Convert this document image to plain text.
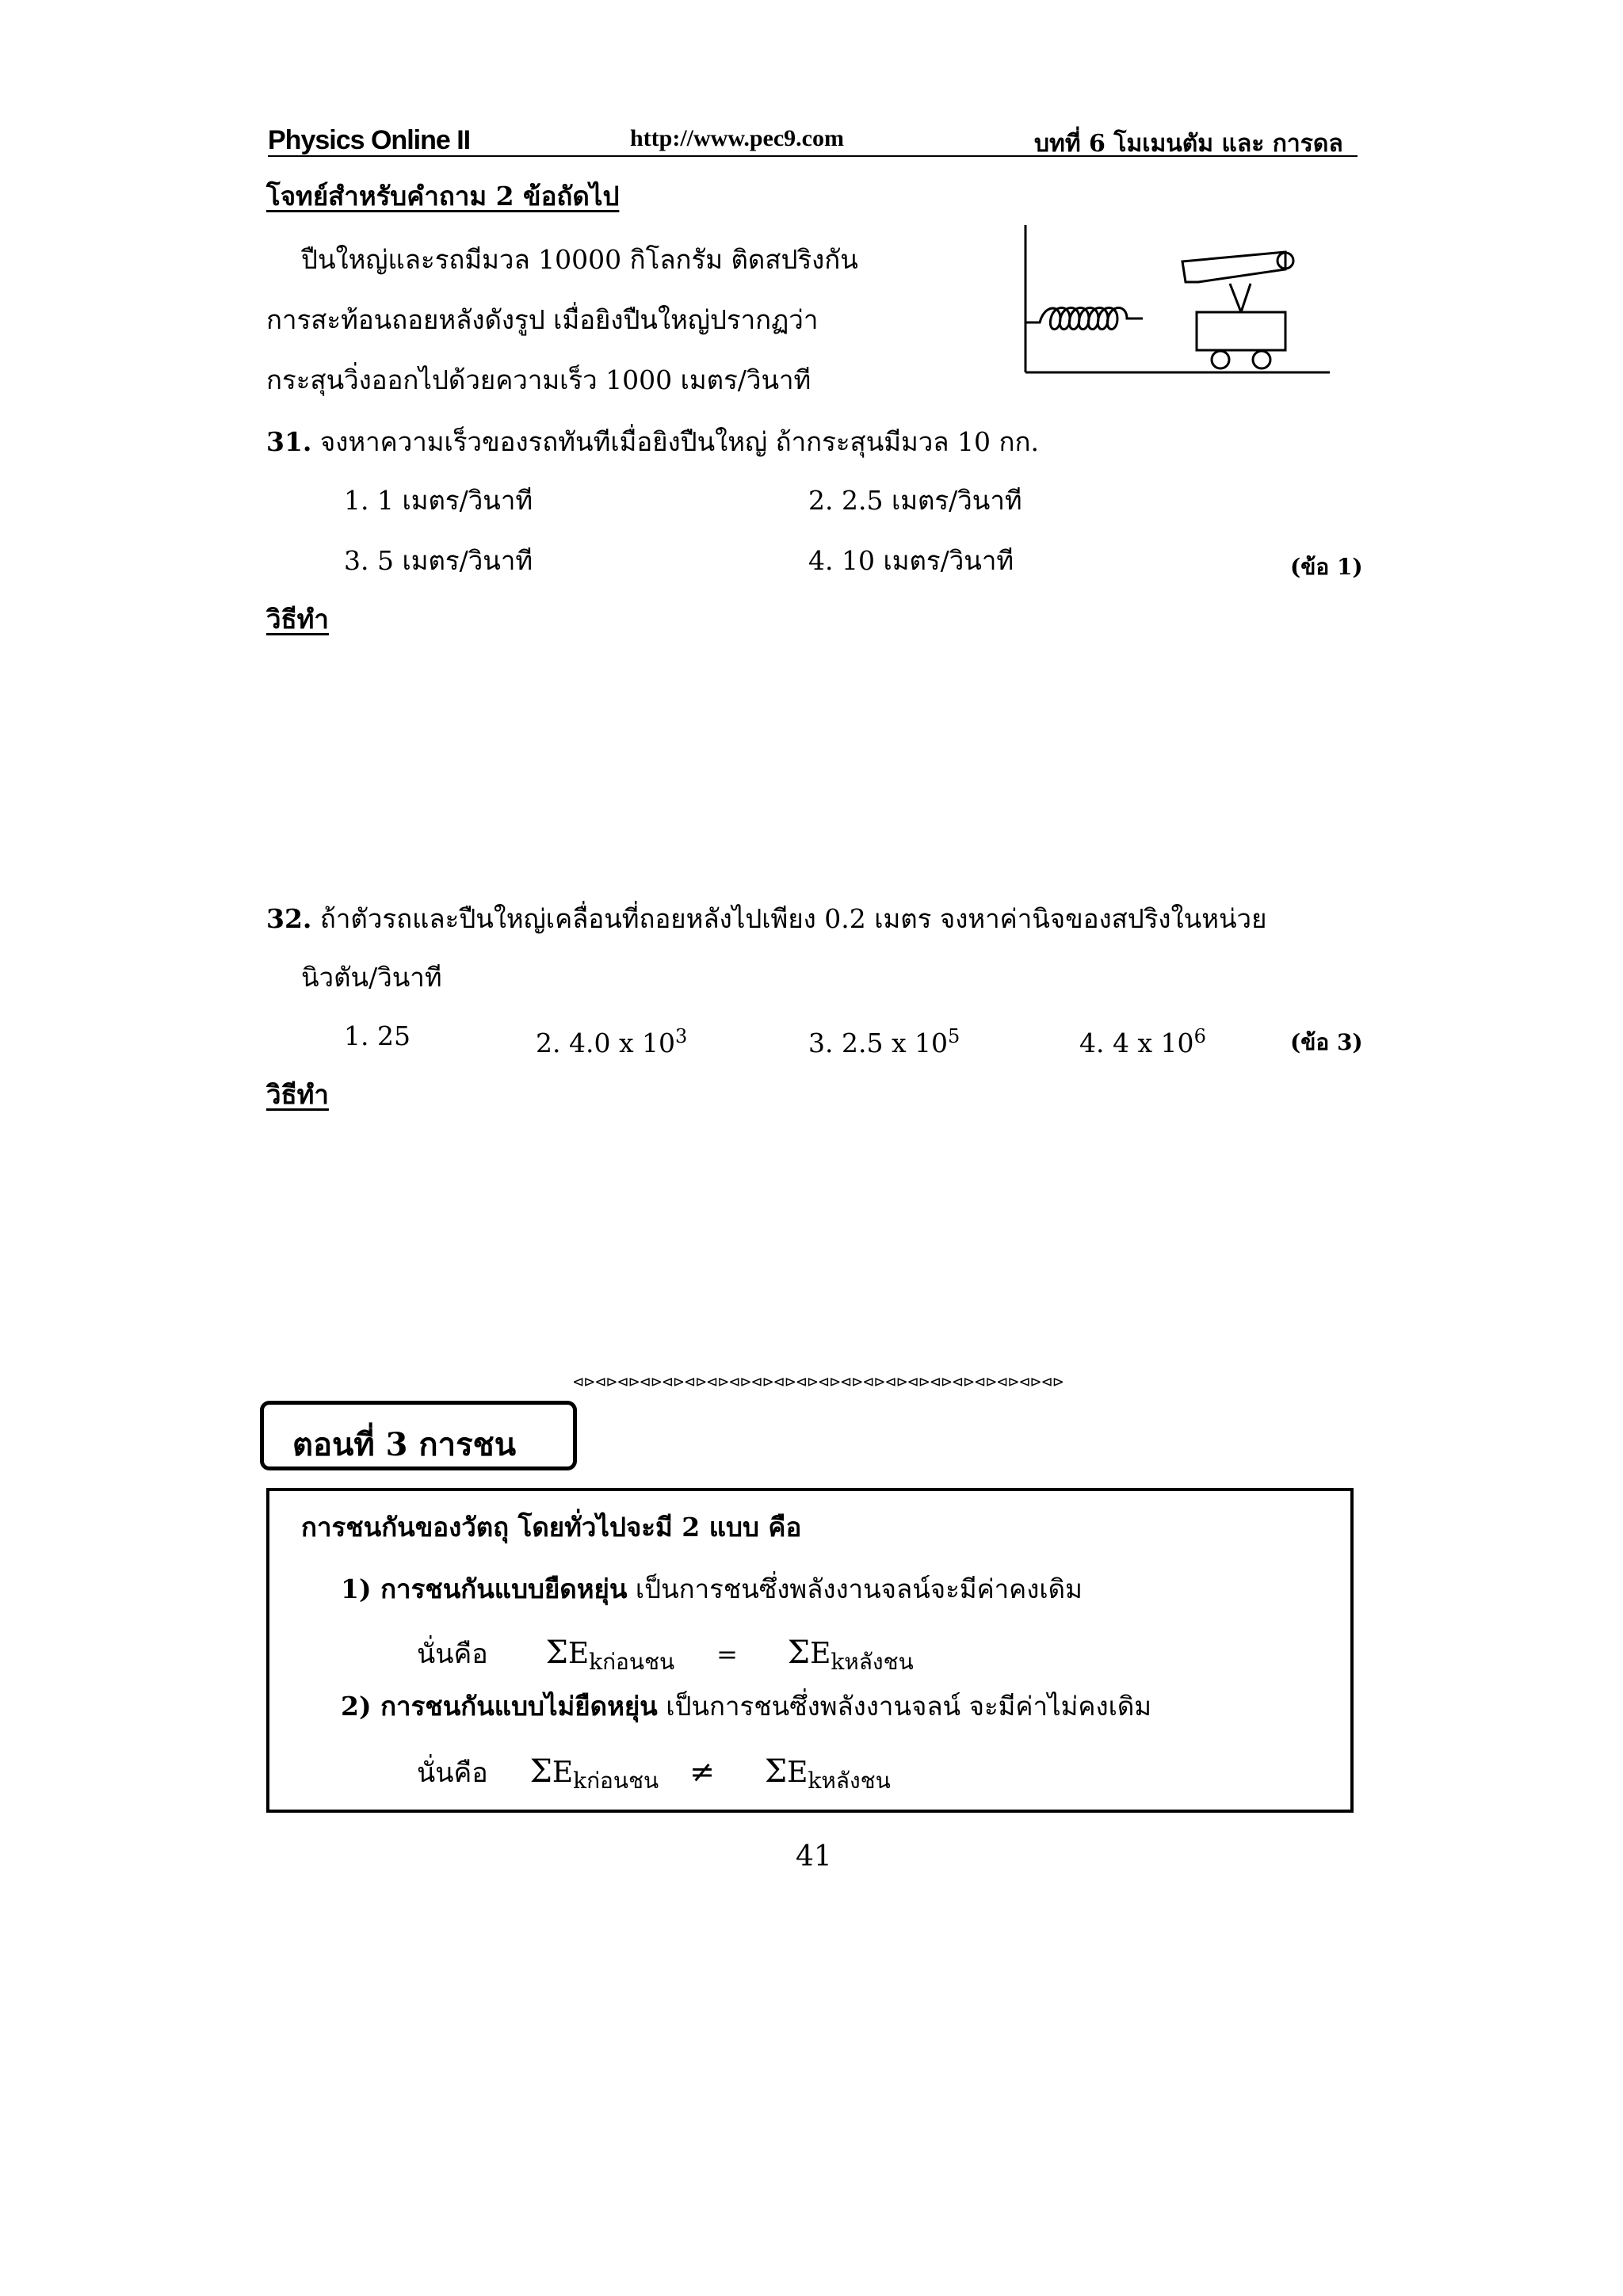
Physics Online II	http://www.pec9.com	บทที่ 6 โมเมนตัม และ การดล
โจทย์สำหรับคำถาม 2 ข้อถัดไป
ปืนใหญ่และรถมีมวล 10000 กิโลกรัม ติดสปริงกัน
การสะท้อนถอยหลังดังรูป เมื่อยิงปืนใหญ่ปรากฏว่า
กระสุนวิ่งออกไปด้วยความเร็ว 1000 เมตร/วินาที
31. จงหาความเร็วของรถทันทีเมื่อยิงปืนใหญ่ ถ้ากระสุนมีมวล 10 กก.
1. 1 เมตร/วินาที	2. 2.5 เมตร/วินาที
3. 5 เมตร/วินาที	4. 10 เมตร/วินาที	(ข้อ 1)
วิธีทำ
32. ถ้าตัวรถและปืนใหญ่เคลื่อนที่ถอยหลังไปเพียง 0.2 เมตร จงหาค่านิจของสปริงในหน่วย
นิวตัน/วินาที
1. 25	2. 4.0 x $10^3$	3. 2.5 x $10^5$	4. 4 x $10^6$	(ข้อ 3)
วิธีทำ
⊲⊳⊲⊳⊲⊳⊲⊳⊲⊳⊲⊳⊲⊳⊲⊳⊲⊳⊲⊳⊲⊳⊲⊳⊲⊳⊲⊳⊲⊳⊲⊳⊲⊳⊲⊳⊲⊳⊲⊳⊲⊳⊲⊳
ตอนที่ 3 การชน
การชนกันของวัตถุ โดยทั่วไปจะมี 2 แบบ คือ
1) การชนกันแบบยืดหยุ่น เป็นการชนซึ่งพลังงานจลน์จะมีค่าคงเดิม
นั่นคือ $\Sigma E_{kก่อนชน} = \Sigma E_{kหลังชน}$
2) การชนกันแบบไม่ยืดหยุ่น เป็นการชนซึ่งพลังงานจลน์ จะมีค่าไม่คงเดิม
นั่นคือ $\Sigma E_{kก่อนชน} \ne \Sigma E_{kหลังชน}$
41
